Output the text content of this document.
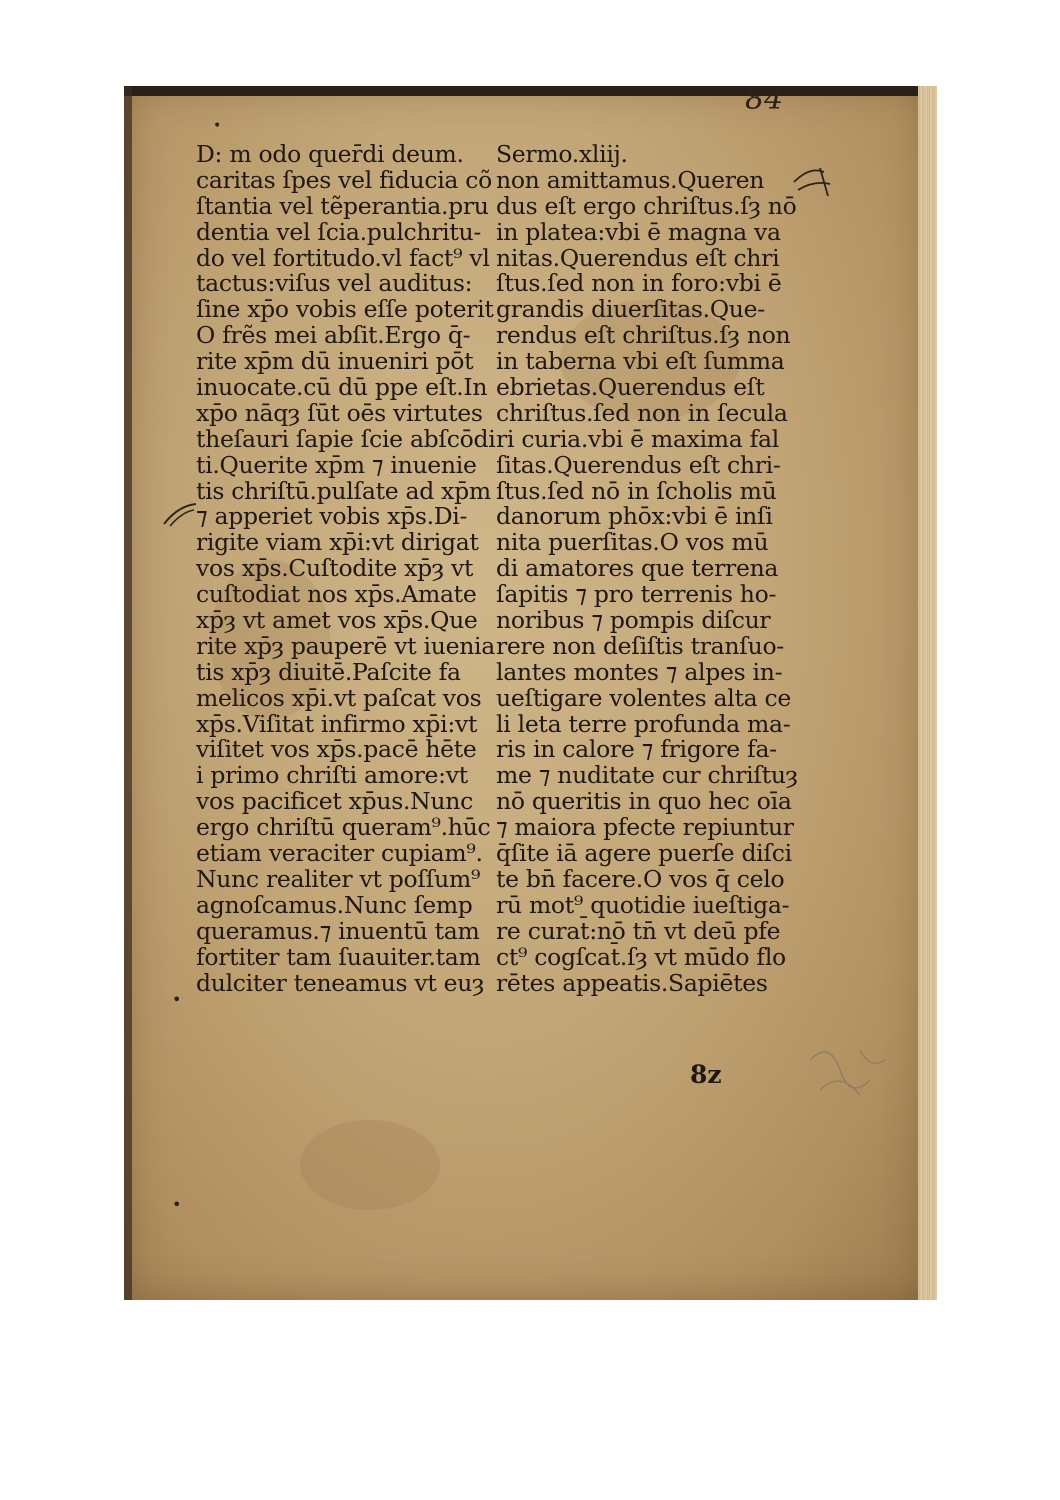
84
D: m odo quer̄di deum.
caritas ſpes vel fiducia cõ
ſtantia vel tẽperantia.pru
dentia vel ſcia.pulchritu-
do vel fortitudo.vl fact⁹ vl
tactus:viſus vel auditus:
ſine xp̄o vobis eſſe poterit
O frẽs mei abſit.Ergo q̄-
rite xp̄m dū inueniri pōt
inuocate.cū dū ppe eſt.In
xp̄o nāqȝ ſūt oēs virtutes
theſauri ſapie ſcie abſcōdi
ti.Querite xp̄m ⁊ inuenie
tis chriſtū.pulſate ad xp̄m
⁊ apperiet vobis xp̄s.Di-
rigite viam xp̄i:vt dirigat
vos xp̄s.Cuſtodite xp̄ȝ vt
cuſtodiat nos xp̄s.Amate
xp̄ȝ vt amet vos xp̄s.Que
rite xp̄ȝ pauperē vt iuenia
tis xp̄ȝ diuitē.Paſcite fa
melicos xp̄i.vt paſcat vos
xp̄s.Viſitat infirmo xp̄i:vt
viſitet vos xp̄s.pacē hēte
i primo chriſti amore:vt
vos pacificet xp̄us.Nunc
ergo chriſtū queram⁹.hūc
etiam veraciter cupiam⁹.
Nunc realiter vt poſſum⁹
agnoſcamus.Nunc ſemp
queramus.⁊ inuentū tam
fortiter tam ſuauiter.tam
dulciter teneamus vt euȝ
Sermo.xliij.
non amittamus.Queren
dus eſt ergo chriſtus.ſȝ nō
in platea:vbi ē magna va
nitas.Querendus eſt chri
ſtus.ſed non in foro:vbi ē
grandis diuerſitas.Que-
rendus eſt chriſtus.ſȝ non
in taberna vbi eſt ſumma
ebrietas.Querendus eſt
chriſtus.ſed non in ſecula
ri curia.vbi ē maxima fal
ſitas.Querendus eſt chri-
ſtus.ſed nō in ſcholis mū
danorum phōx:vbi ē inſi
nita puerſitas.O vos mū
di amatores que terrena
ſapitis ⁊ pro terrenis ho-
noribus ⁊ pompis diſcur
rere non deſiſtis tranſuo-
lantes montes ⁊ alpes in-
ueſtigare volentes alta ce
li leta terre profunda ma-
ris in calore ⁊ frigore fa-
me ⁊ nuditate cur chriſtuȝ
nō queritis in quo hec oīa
⁊ maiora pfecte repiuntur
q̄ſite iā agere puerſe diſci
te bn̄ facere.O vos q̄ celo
rū mot⁹ quotidie iueſtiga-
re curat̄:nō tn̄ vt deū pfe
ct⁹ cogſcat̄.ſȝ vt mūdo flo
rētes appeatis.Sapiētes
8z
•
•
•
